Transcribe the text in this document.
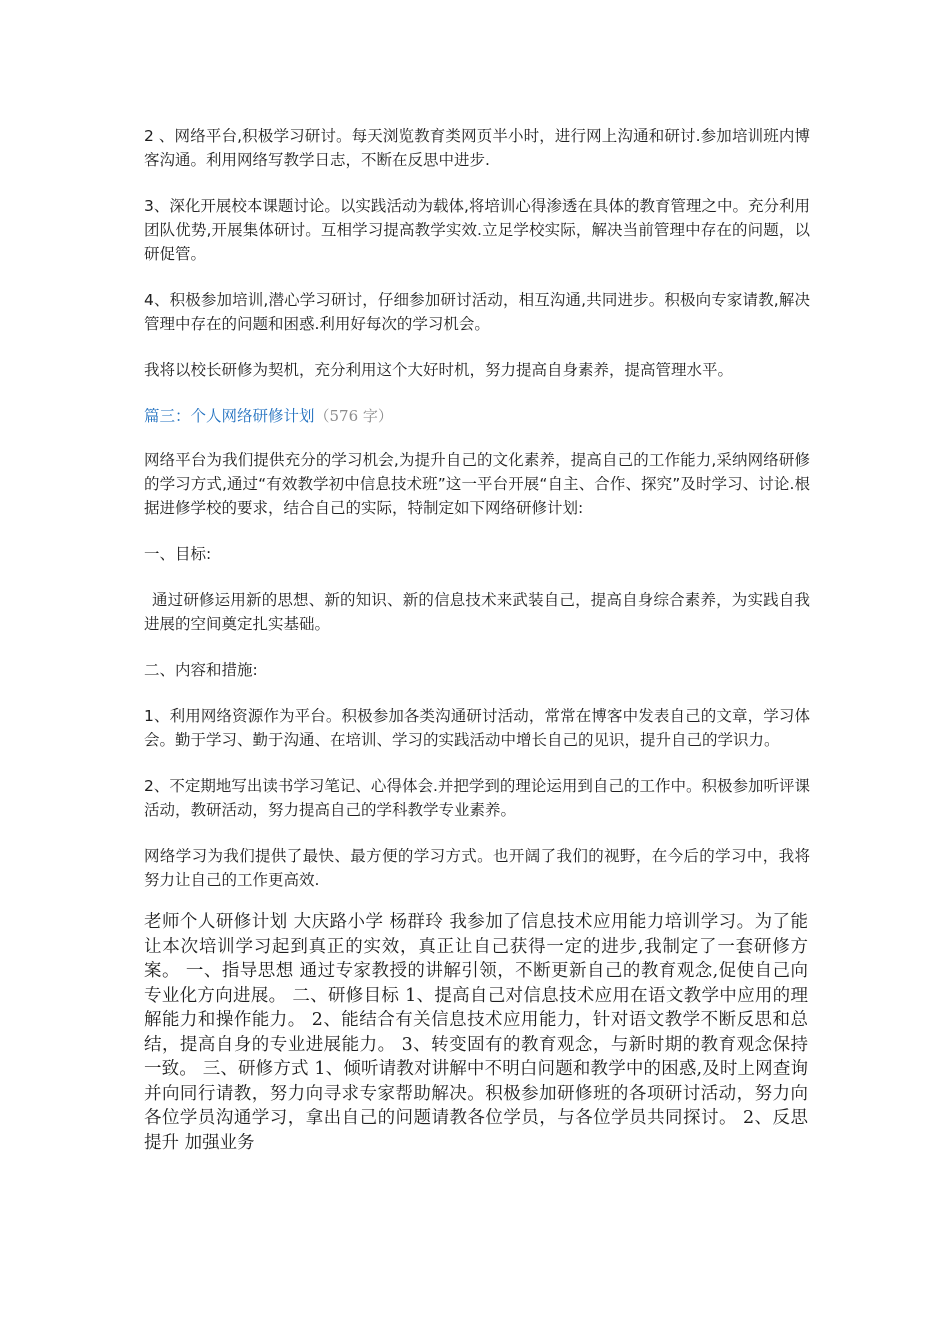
2 、网络平台,积极学习研讨。每天浏览教育类网页半小时，进行网上沟通和研讨.参加培训班内博客沟通。利用网络写教学日志，不断在反思中进步.

3、深化开展校本课题讨论。以实践活动为载体,将培训心得渗透在具体的教育管理之中。充分利用团队优势,开展集体研讨。互相学习提高教学实效.立足学校实际，解决当前管理中存在的问题，以研促管。

4、积极参加培训,潜心学习研讨，仔细参加研讨活动，相互沟通,共同进步。积极向专家请教,解决管理中存在的问题和困惑.利用好每次的学习机会。

我将以校长研修为契机，充分利用这个大好时机，努力提高自身素养，提高管理水平。

篇三：个人网络研修计划（576 字）

网络平台为我们提供充分的学习机会,为提升自己的文化素养，提高自己的工作能力,采纳网络研修的学习方式,通过“有效教学初中信息技术班”这一平台开展“自主、合作、探究”及时学习、讨论.根据进修学校的要求，结合自己的实际，特制定如下网络研修计划:

一、目标:

通过研修运用新的思想、新的知识、新的信息技术来武装自己，提高自身综合素养，为实践自我进展的空间奠定扎实基础。

二、内容和措施:

1、利用网络资源作为平台。积极参加各类沟通研讨活动，常常在博客中发表自己的文章，学习体会。勤于学习、勤于沟通、在培训、学习的实践活动中增长自己的见识，提升自己的学识力。

2、不定期地写出读书学习笔记、心得体会.并把学到的理论运用到自己的工作中。积极参加听评课活动，教研活动，努力提高自己的学科教学专业素养。

网络学习为我们提供了最快、最方便的学习方式。也开阔了我们的视野，在今后的学习中，我将努力让自己的工作更高效.

老师个人研修计划 大庆路小学 杨群玲 我参加了信息技术应用能力培训学习。为了能让本次培训学习起到真正的实效，真正让自己获得一定的进步,我制定了一套研修方案。 一、指导思想 通过专家教授的讲解引领，不断更新自己的教育观念,促使自己向专业化方向进展。 二、研修目标 1、提高自己对信息技术应用在语文教学中应用的理解能力和操作能力。 2、能结合有关信息技术应用能力，针对语文教学不断反思和总结，提高自身的专业进展能力。 3、转变固有的教育观念，与新时期的教育观念保持一致。 三、研修方式 1、倾听请教对讲解中不明白问题和教学中的困惑,及时上网查询并向同行请教，努力向寻求专家帮助解决。积极参加研修班的各项研讨活动，努力向各位学员沟通学习，拿出自己的问题请教各位学员，与各位学员共同探讨。 2、反思提升 加强业务
